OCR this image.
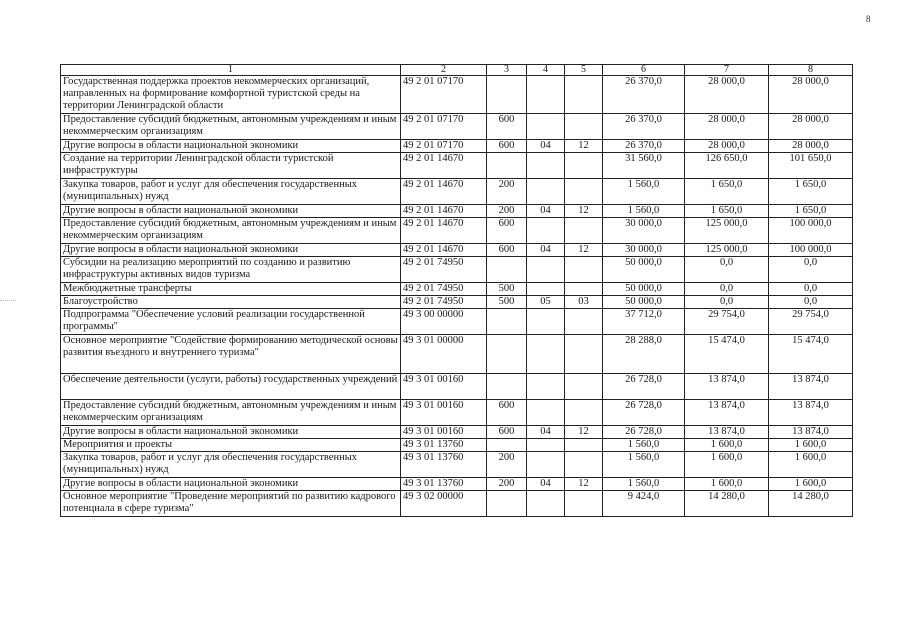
8
1	2	3	4	5	6	7	8
Государственная поддержка проектов некоммерческих организаций, направленных на формирование комфортной туристской среды на территории Ленинградской области	49 2 01 07170				26 370,0	28 000,0	28 000,0
Предоставление субсидий бюджетным, автономным учреждениям и иным некоммерческим организациям	49 2 01 07170	600			26 370,0	28 000,0	28 000,0
Другие вопросы в области национальной экономики	49 2 01 07170	600	04	12	26 370,0	28 000,0	28 000,0
Создание на территории Ленинградской области туристской инфраструктуры	49 2 01 14670				31 560,0	126 650,0	101 650,0
Закупка товаров, работ и услуг для обеспечения государственных (муниципальных) нужд	49 2 01 14670	200			1 560,0	1 650,0	1 650,0
Другие вопросы в области национальной экономики	49 2 01 14670	200	04	12	1 560,0	1 650,0	1 650,0
Предоставление субсидий бюджетным, автономным учреждениям и иным некоммерческим организациям	49 2 01 14670	600			30 000,0	125 000,0	100 000,0
Другие вопросы в области национальной экономики	49 2 01 14670	600	04	12	30 000,0	125 000,0	100 000,0
Субсидии на реализацию мероприятий по созданию и развитию инфраструктуры активных видов туризма	49 2 01 74950				50 000,0	0,0	0,0
Межбюджетные трансферты	49 2 01 74950	500			50 000,0	0,0	0,0
Благоустройство	49 2 01 74950	500	05	03	50 000,0	0,0	0,0
Подпрограмма "Обеспечение условий реализации государственной программы"	49 3 00 00000				37 712,0	29 754,0	29 754,0
Основное мероприятие "Содействие формированию методической основы развития въездного и внутреннего туризма"	49 3 01 00000				28 288,0	15 474,0	15 474,0
Обеспечение деятельности (услуги, работы) государственных учреждений	49 3 01 00160				26 728,0	13 874,0	13 874,0
Предоставление субсидий бюджетным, автономным учреждениям и иным некоммерческим организациям	49 3 01 00160	600			26 728,0	13 874,0	13 874,0
Другие вопросы в области национальной экономики	49 3 01 00160	600	04	12	26 728,0	13 874,0	13 874,0
Мероприятия и проекты	49 3 01 13760				1 560,0	1 600,0	1 600,0
Закупка товаров, работ и услуг для обеспечения государственных (муниципальных) нужд	49 3 01 13760	200			1 560,0	1 600,0	1 600,0
Другие вопросы в области национальной экономики	49 3 01 13760	200	04	12	1 560,0	1 600,0	1 600,0
Основное мероприятие "Проведение мероприятий по развитию кадрового потенциала в сфере туризма"	49 3 02 00000				9 424,0	14 280,0	14 280,0
